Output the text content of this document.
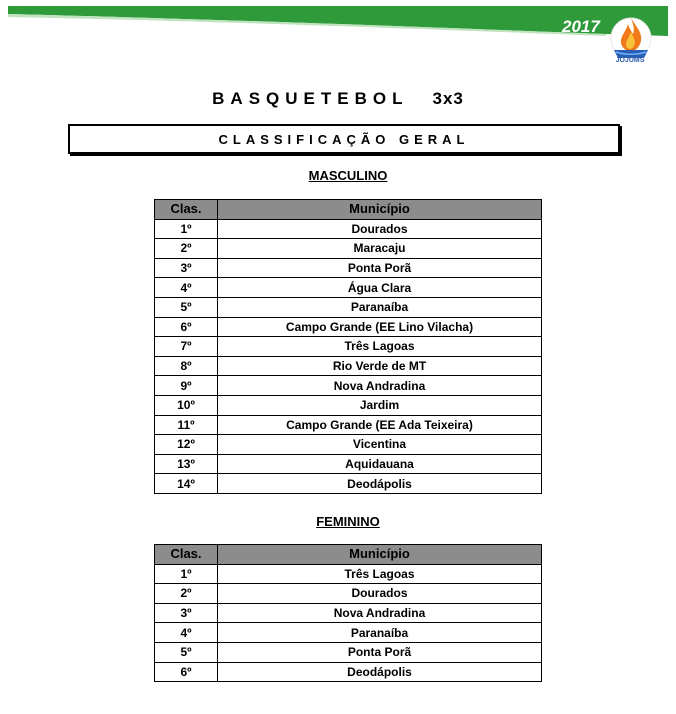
2017
JOJUMS
BASQUETEBOL 3x3
CLASSIFICAÇÃO GERAL
MASCULINO
Clas.	Município
1º	Dourados
2º	Maracaju
3º	Ponta Porã
4º	Água Clara
5º	Paranaíba
6º	Campo Grande (EE Lino Vilacha)
7º	Três Lagoas
8º	Rio Verde de MT
9º	Nova Andradina
10º	Jardim
11º	Campo Grande (EE Ada Teixeira)
12º	Vicentina
13º	Aquidauana
14º	Deodápolis
FEMININO
Clas.	Município
1º	Três Lagoas
2º	Dourados
3º	Nova Andradina
4º	Paranaíba
5º	Ponta Porã
6º	Deodápolis
